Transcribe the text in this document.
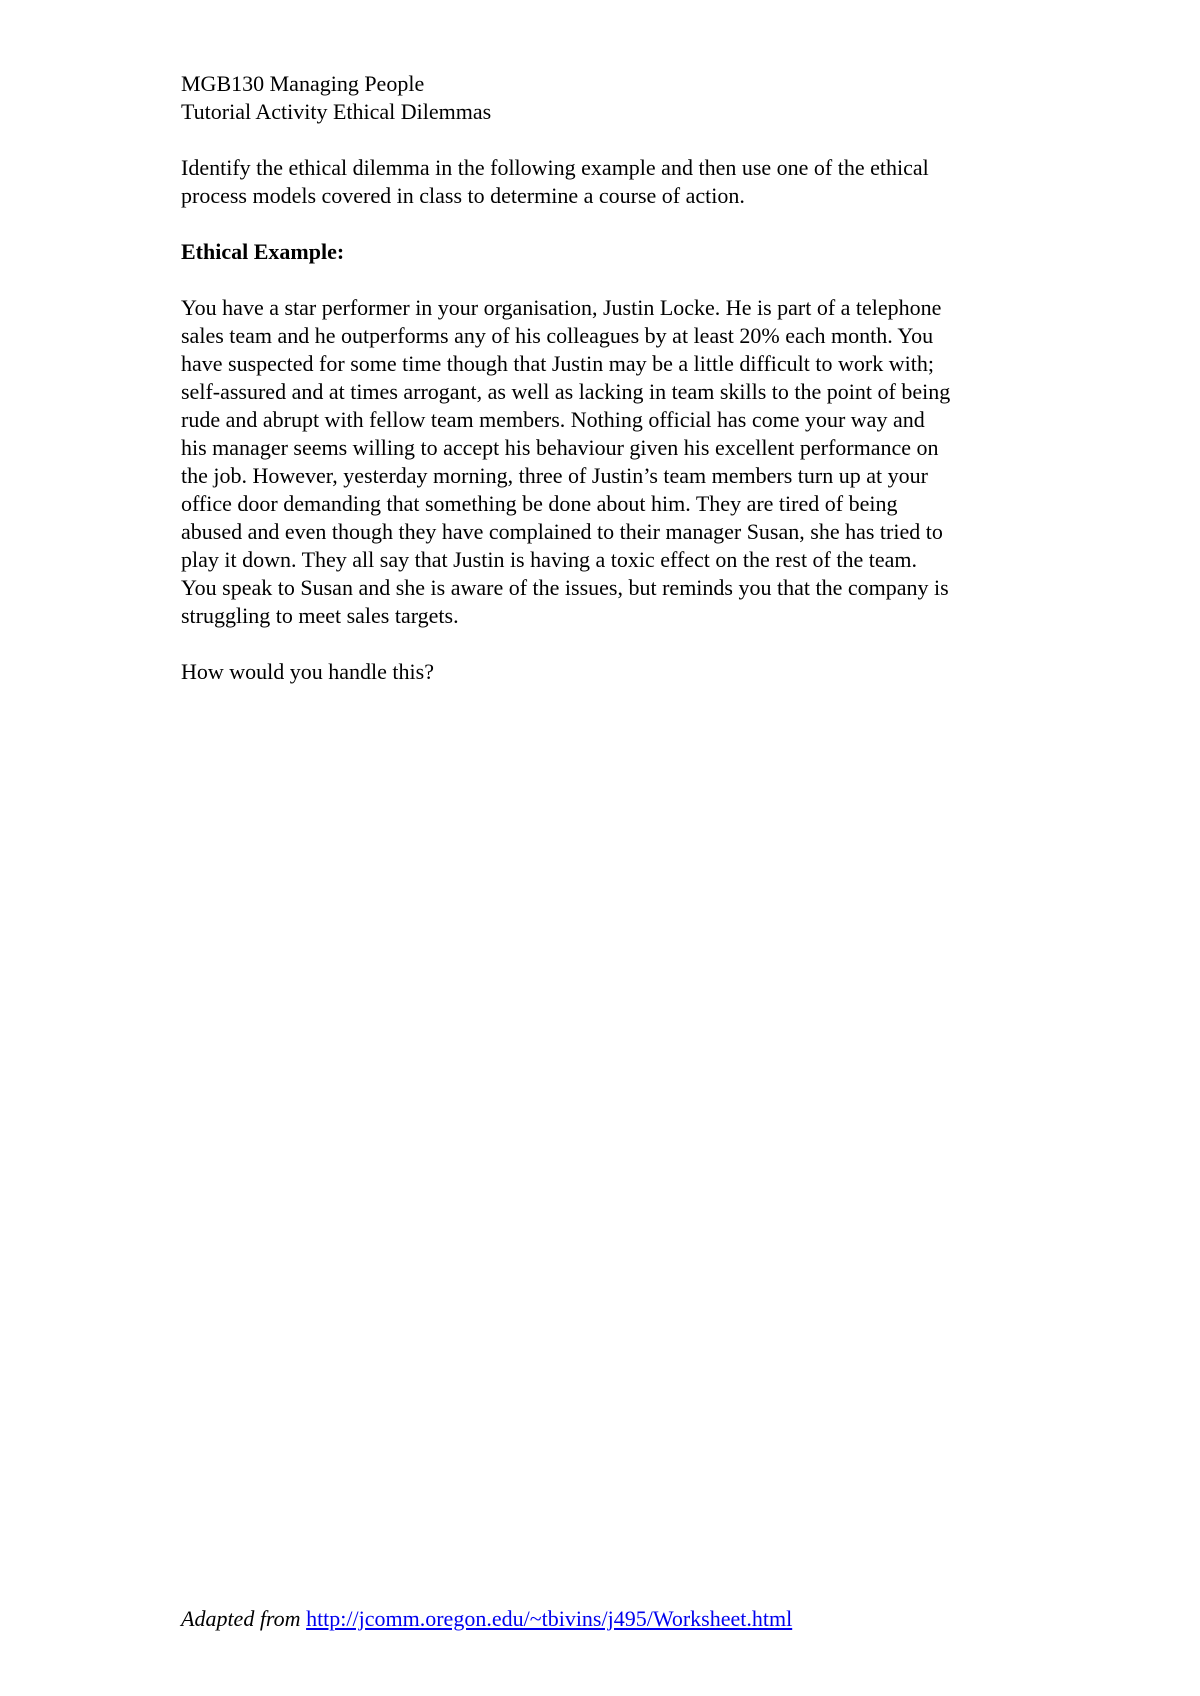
MGB130 Managing People
Tutorial Activity Ethical Dilemmas

Identify the ethical dilemma in the following example and then use one of the ethical
process models covered in class to determine a course of action.

Ethical Example:

You have a star performer in your organisation, Justin Locke. He is part of a telephone
sales team and he outperforms any of his colleagues by at least 20% each month. You
have suspected for some time though that Justin may be a little difficult to work with;
self-assured and at times arrogant, as well as lacking in team skills to the point of being
rude and abrupt with fellow team members. Nothing official has come your way and
his manager seems willing to accept his behaviour given his excellent performance on
the job. However, yesterday morning, three of Justin’s team members turn up at your
office door demanding that something be done about him. They are tired of being
abused and even though they have complained to their manager Susan, she has tried to
play it down. They all say that Justin is having a toxic effect on the rest of the team.
You speak to Susan and she is aware of the issues, but reminds you that the company is
struggling to meet sales targets.

How would you handle this?

Adapted from http://jcomm.oregon.edu/~tbivins/j495/Worksheet.html
